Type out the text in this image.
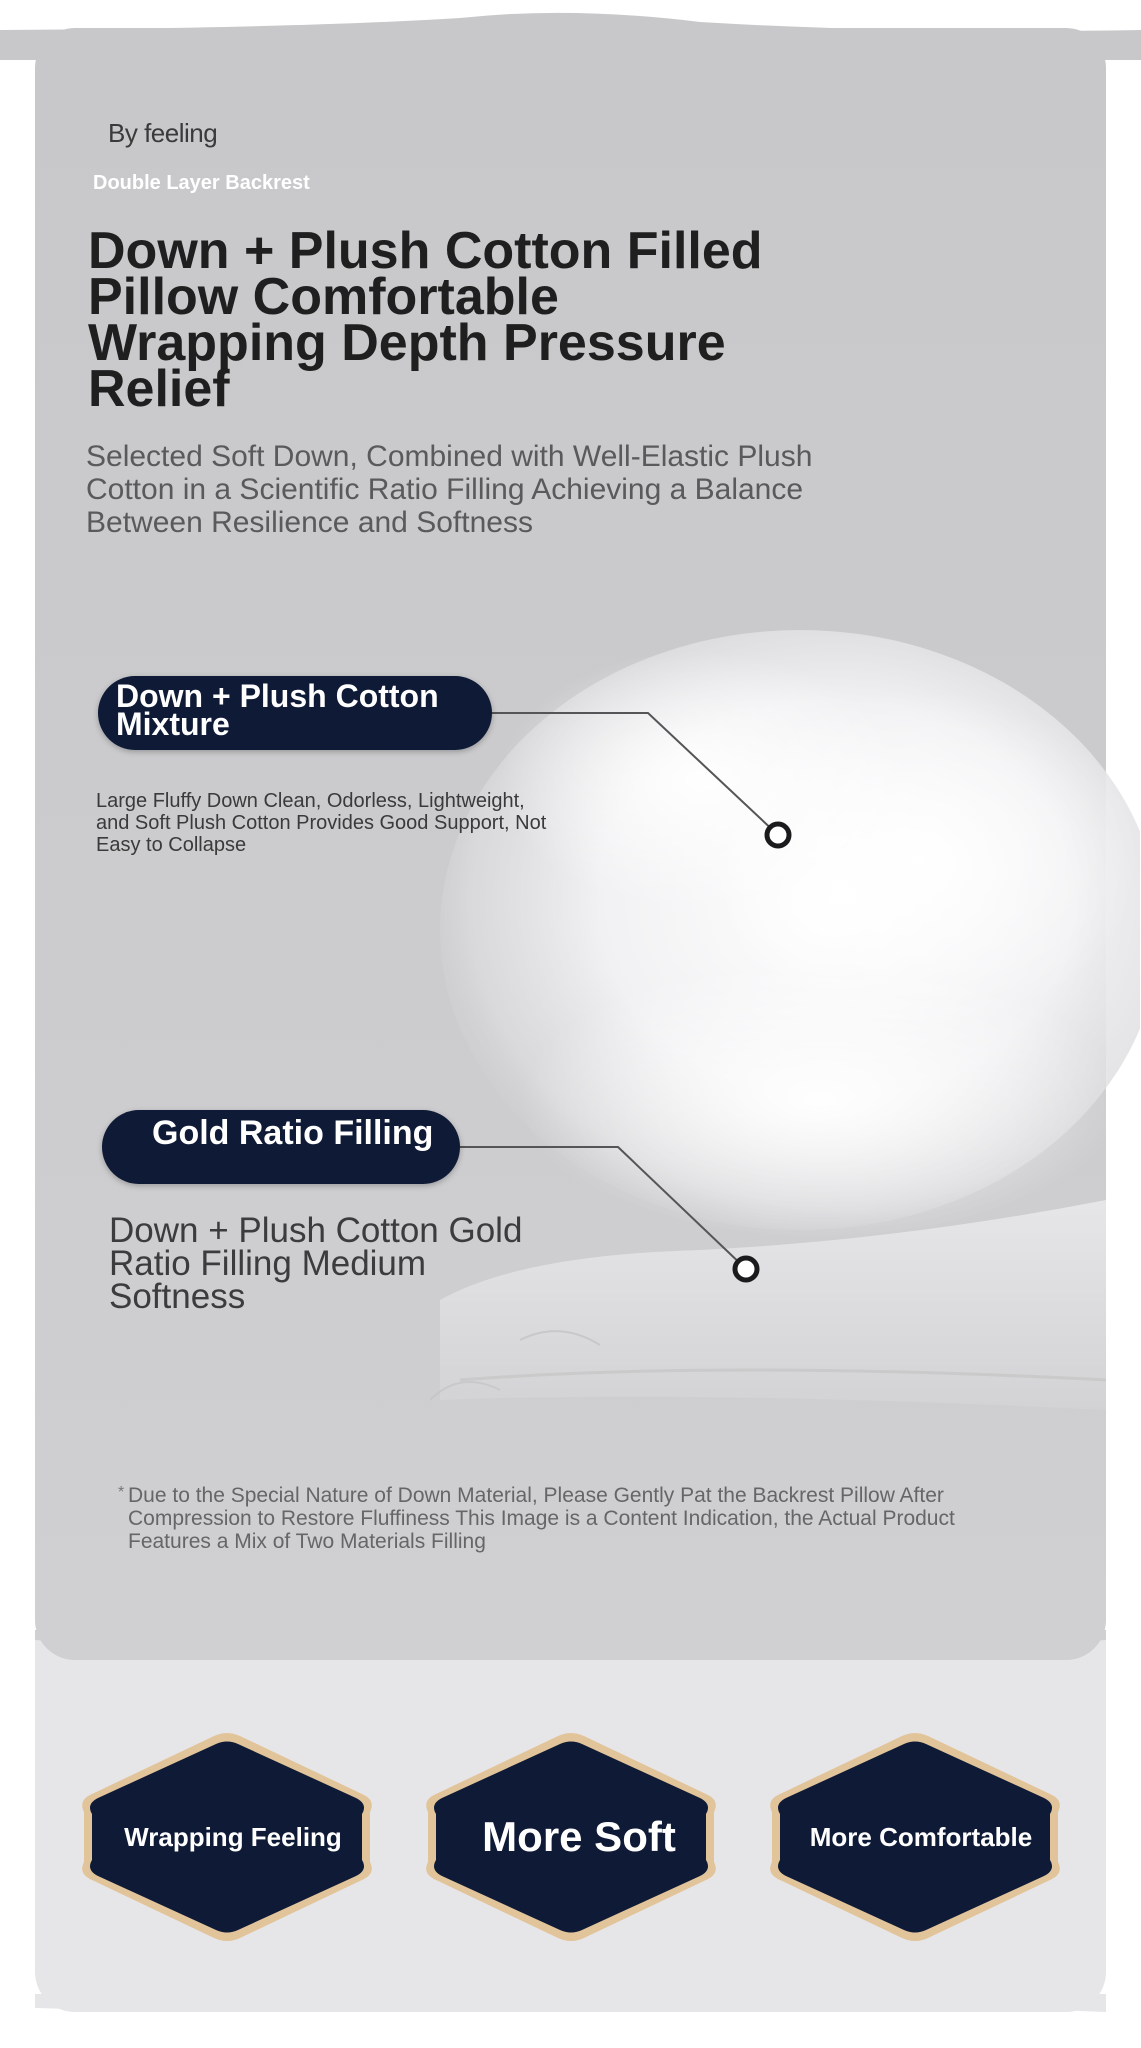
By feeling
Double Layer Backrest
Down + Plush Cotton Filled Pillow Comfortable Wrapping Depth Pressure Relief
Selected Soft Down, Combined with Well-Elastic Plush Cotton in a Scientific Ratio Filling Achieving a Balance Between Resilience and Softness
Down + Plush Cotton Mixture
Large Fluffy Down Clean, Odorless, Lightweight, and Soft Plush Cotton Provides Good Support, Not Easy to Collapse
Gold Ratio Filling
Down + Plush Cotton Gold Ratio Filling Medium Softness
* Due to the Special Nature of Down Material, Please Gently Pat the Backrest Pillow After Compression to Restore Fluffiness This Image is a Content Indication, the Actual Product Features a Mix of Two Materials Filling
Wrapping Feeling	More Soft	More Comfortable
